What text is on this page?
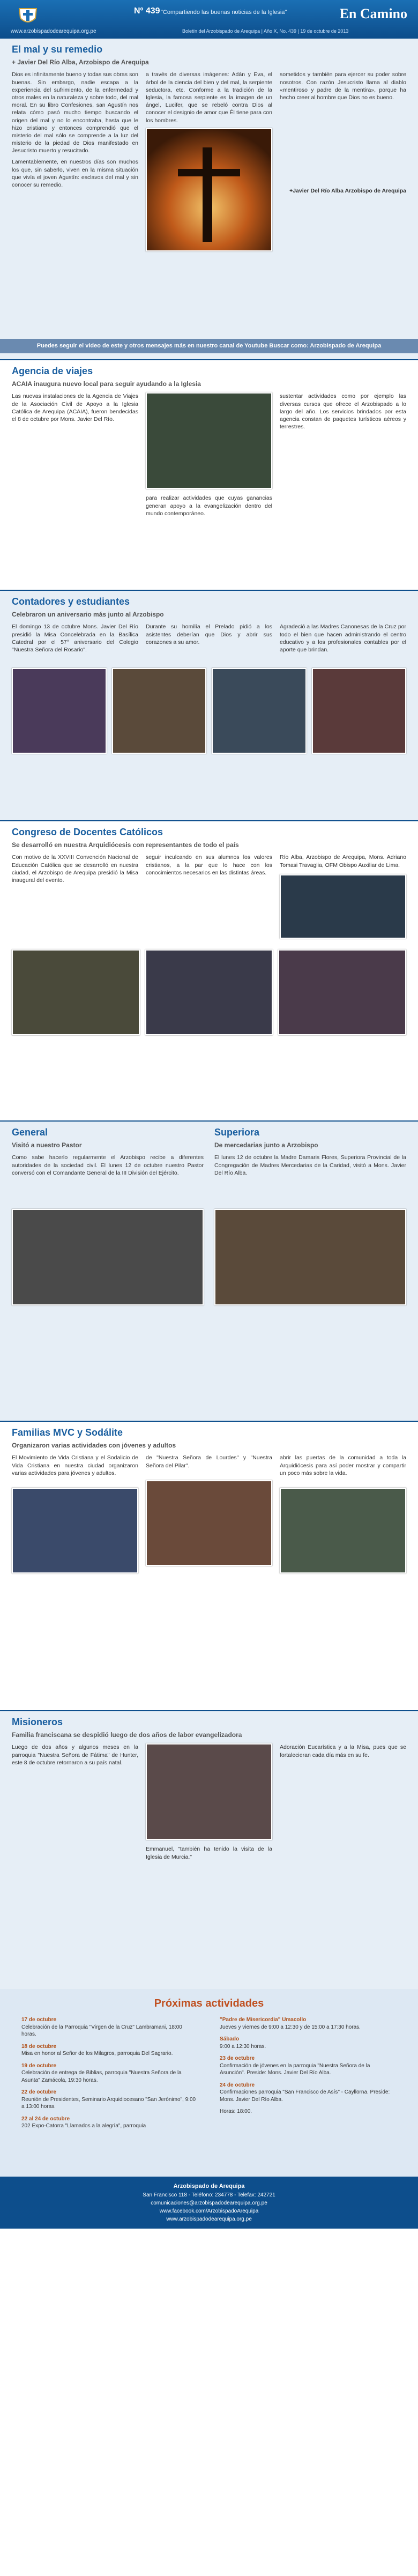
www.arzobispadodearequipa.org.pe
Nº 439 "Compartiendo las buenas noticias de la Iglesia"	En Camino
Boletín del Arzobispado de Arequipa | Año X, No. 439 | 19 de octubre de 2013
El mal y su remedio
+ Javier Del Río Alba, Arzobispo de Arequipa

Dios es infinitamente bueno y todas sus obras son buenas. Sin embargo, nadie escapa a la experiencia del sufrimiento, de la enfermedad y otros males en la naturaleza y sobre todo, del mal moral. En su libro Confesiones, san Agustín nos relata cómo pasó mucho tiempo buscando el origen del mal y no lo encontraba, hasta que le hizo cristiano y entonces comprendió que el misterio del mal sólo se comprende a la luz del misterio de la piedad de Dios manifestado en Jesucristo muerto y resucitado.

Lamentablemente, en nuestros días son muchos los que, sin saberlo, viven en la misma situación que vivía el joven Agustín: esclavos del mal y sin conocer su remedio.

a través de diversas imágenes: Adán y Eva, el árbol de la ciencia del bien y del mal, la serpiente seductora, etc. Conforme a la tradición de la Iglesia, la famosa serpiente es la imagen de un ángel, Lucifer, que se rebeló contra Dios al conocer el designio de amor que Él tiene para con los hombres.

sometidos y también para ejercer su poder sobre nosotros. Con razón Jesucristo llama al diablo «mentiroso y padre de la mentira», porque ha hecho creer al hombre que Dios no es bueno.

+Javier Del Río Alba Arzobispo de Arequipa

Puedes seguir el video de este y otros mensajes más en nuestro canal de Youtube Buscar como: Arzobispado de Arequipa
Agencia de viajes
ACAIA inaugura nuevo local para seguir ayudando a la Iglesia

Las nuevas instalaciones de la Agencia de Viajes de la Asociación Civil de Apoyo a la Iglesia Católica de Arequipa (ACAIA), fueron bendecidas el 8 de octubre por Mons. Javier Del Río.

para realizar actividades que cuyas ganancias generan apoyo a la evangelización dentro del mundo contemporáneo.

sustentar actividades como por ejemplo las diversas cursos que ofrece el Arzobispado a lo largo del año. Los servicios brindados por esta agencia constan de paquetes turísticos aéreos y terrestres.

Contadores y estudiantes
Celebraron un aniversario más junto al Arzobispo

El domingo 13 de octubre Mons. Javier Del Río presidió la Misa Concelebrada en la Basílica Catedral por el 57° aniversario del Colegio "Nuestra Señora del Rosario".

Durante su homilía el Prelado pidió a los asistentes deberían que Dios y abrir sus corazones a su amor.

Agradeció a las Madres Canonesas de la Cruz por todo el bien que hacen administrando el centro educativo y a los profesionales contables por el aporte que brindan.

Congreso de Docentes Católicos
Se desarrolló en nuestra Arquidiócesis con representantes de todo el país

Con motivo de la XXVIII Convención Nacional de Educación Católica que se desarrolló en nuestra ciudad, el Arzobispo de Arequipa presidió la Misa inaugural del evento.

seguir inculcando en sus alumnos los valores cristianos, a la par que lo hace con los conocimientos necesarios en las distintas áreas.

Río Alba, Arzobispo de Arequipa, Mons. Adriano Tomasi Travaglia, OFM Obispo Auxiliar de Lima.

General
Visitó a nuestro Pastor

Como sabe hacerlo regularmente el Arzobispo recibe a diferentes autoridades de la sociedad civil. El lunes 12 de octubre nuestro Pastor conversó con el Comandante General de la III División del Ejército.

Superiora
De mercedarias junto a Arzobispo

El lunes 12 de octubre la Madre Damaris Flores, Superiora Provincial de la Congregación de Madres Mercedarias de la Caridad, visitó a Mons. Javier Del Río Alba.

Familias MVC y Sodálite
Organizaron varias actividades con jóvenes y adultos

El Movimiento de Vida Cristiana y el Sodalicio de Vida Cristiana en nuestra ciudad organizaron varias actividades para jóvenes y adultos.

de "Nuestra Señora de Lourdes" y "Nuestra Señora del Pilar".

abrir las puertas de la comunidad a toda la Arquidiócesis para así poder mostrar y compartir un poco más sobre la vida.

Misioneros
Familia franciscana se despidió luego de dos años de labor evangelizadora

Luego de dos años y algunos meses en la parroquia "Nuestra Señora de Fátima" de Hunter, este 8 de octubre retornaron a su país natal.

Emmanuel, "también ha tenido la visita de la Iglesia de Murcia."

Adoración Eucarística y a la Misa, pues que se fortalecieran cada día más en su fe.

Próximas actividades
17 de octubre
Celebración de la Parroquia "Virgen de la Cruz" Lambramani, 18:00 horas.
18 de octubre
Misa en honor al Señor de los Milagros, parroquia Del Sagrario.
19 de octubre
Celebración de entrega de Biblias, parroquia "Nuestra Señora de la Asunta" Zamácola, 19:30 horas.
22 de octubre
Reunión de Presidentes, Seminario Arquidiocesano "San Jerónimo", 9:00 a 13:00 horas.
22 al 24 de octubre
202 Expo-Catorra "Llamados a la alegría", parroquia
"Padre de Misericordia" Umacollo
Jueves y viernes de 9:00 a 12:30 y de 15:00 a 17:30 horas.
Sábado
9:00 a 12:30 horas.
23 de octubre
Confirmación de jóvenes en la parroquia "Nuestra Señora de la Asunción". Preside: Mons. Javier Del Río Alba.
24 de octubre
Confirmaciones parroquia "San Francisco de Asís" - Cayllorna. Preside: Mons. Javier Del Río Alba.
Horas: 18:00.
Arzobispado de Arequipa
San Francisco 118 - Teléfono: 234778 - Telefax: 242721
comunicaciones@arzobispadodearequipa.org.pe
www.facebook.com/ArzobispadoArequipa
www.arzobispadodearequipa.org.pe
